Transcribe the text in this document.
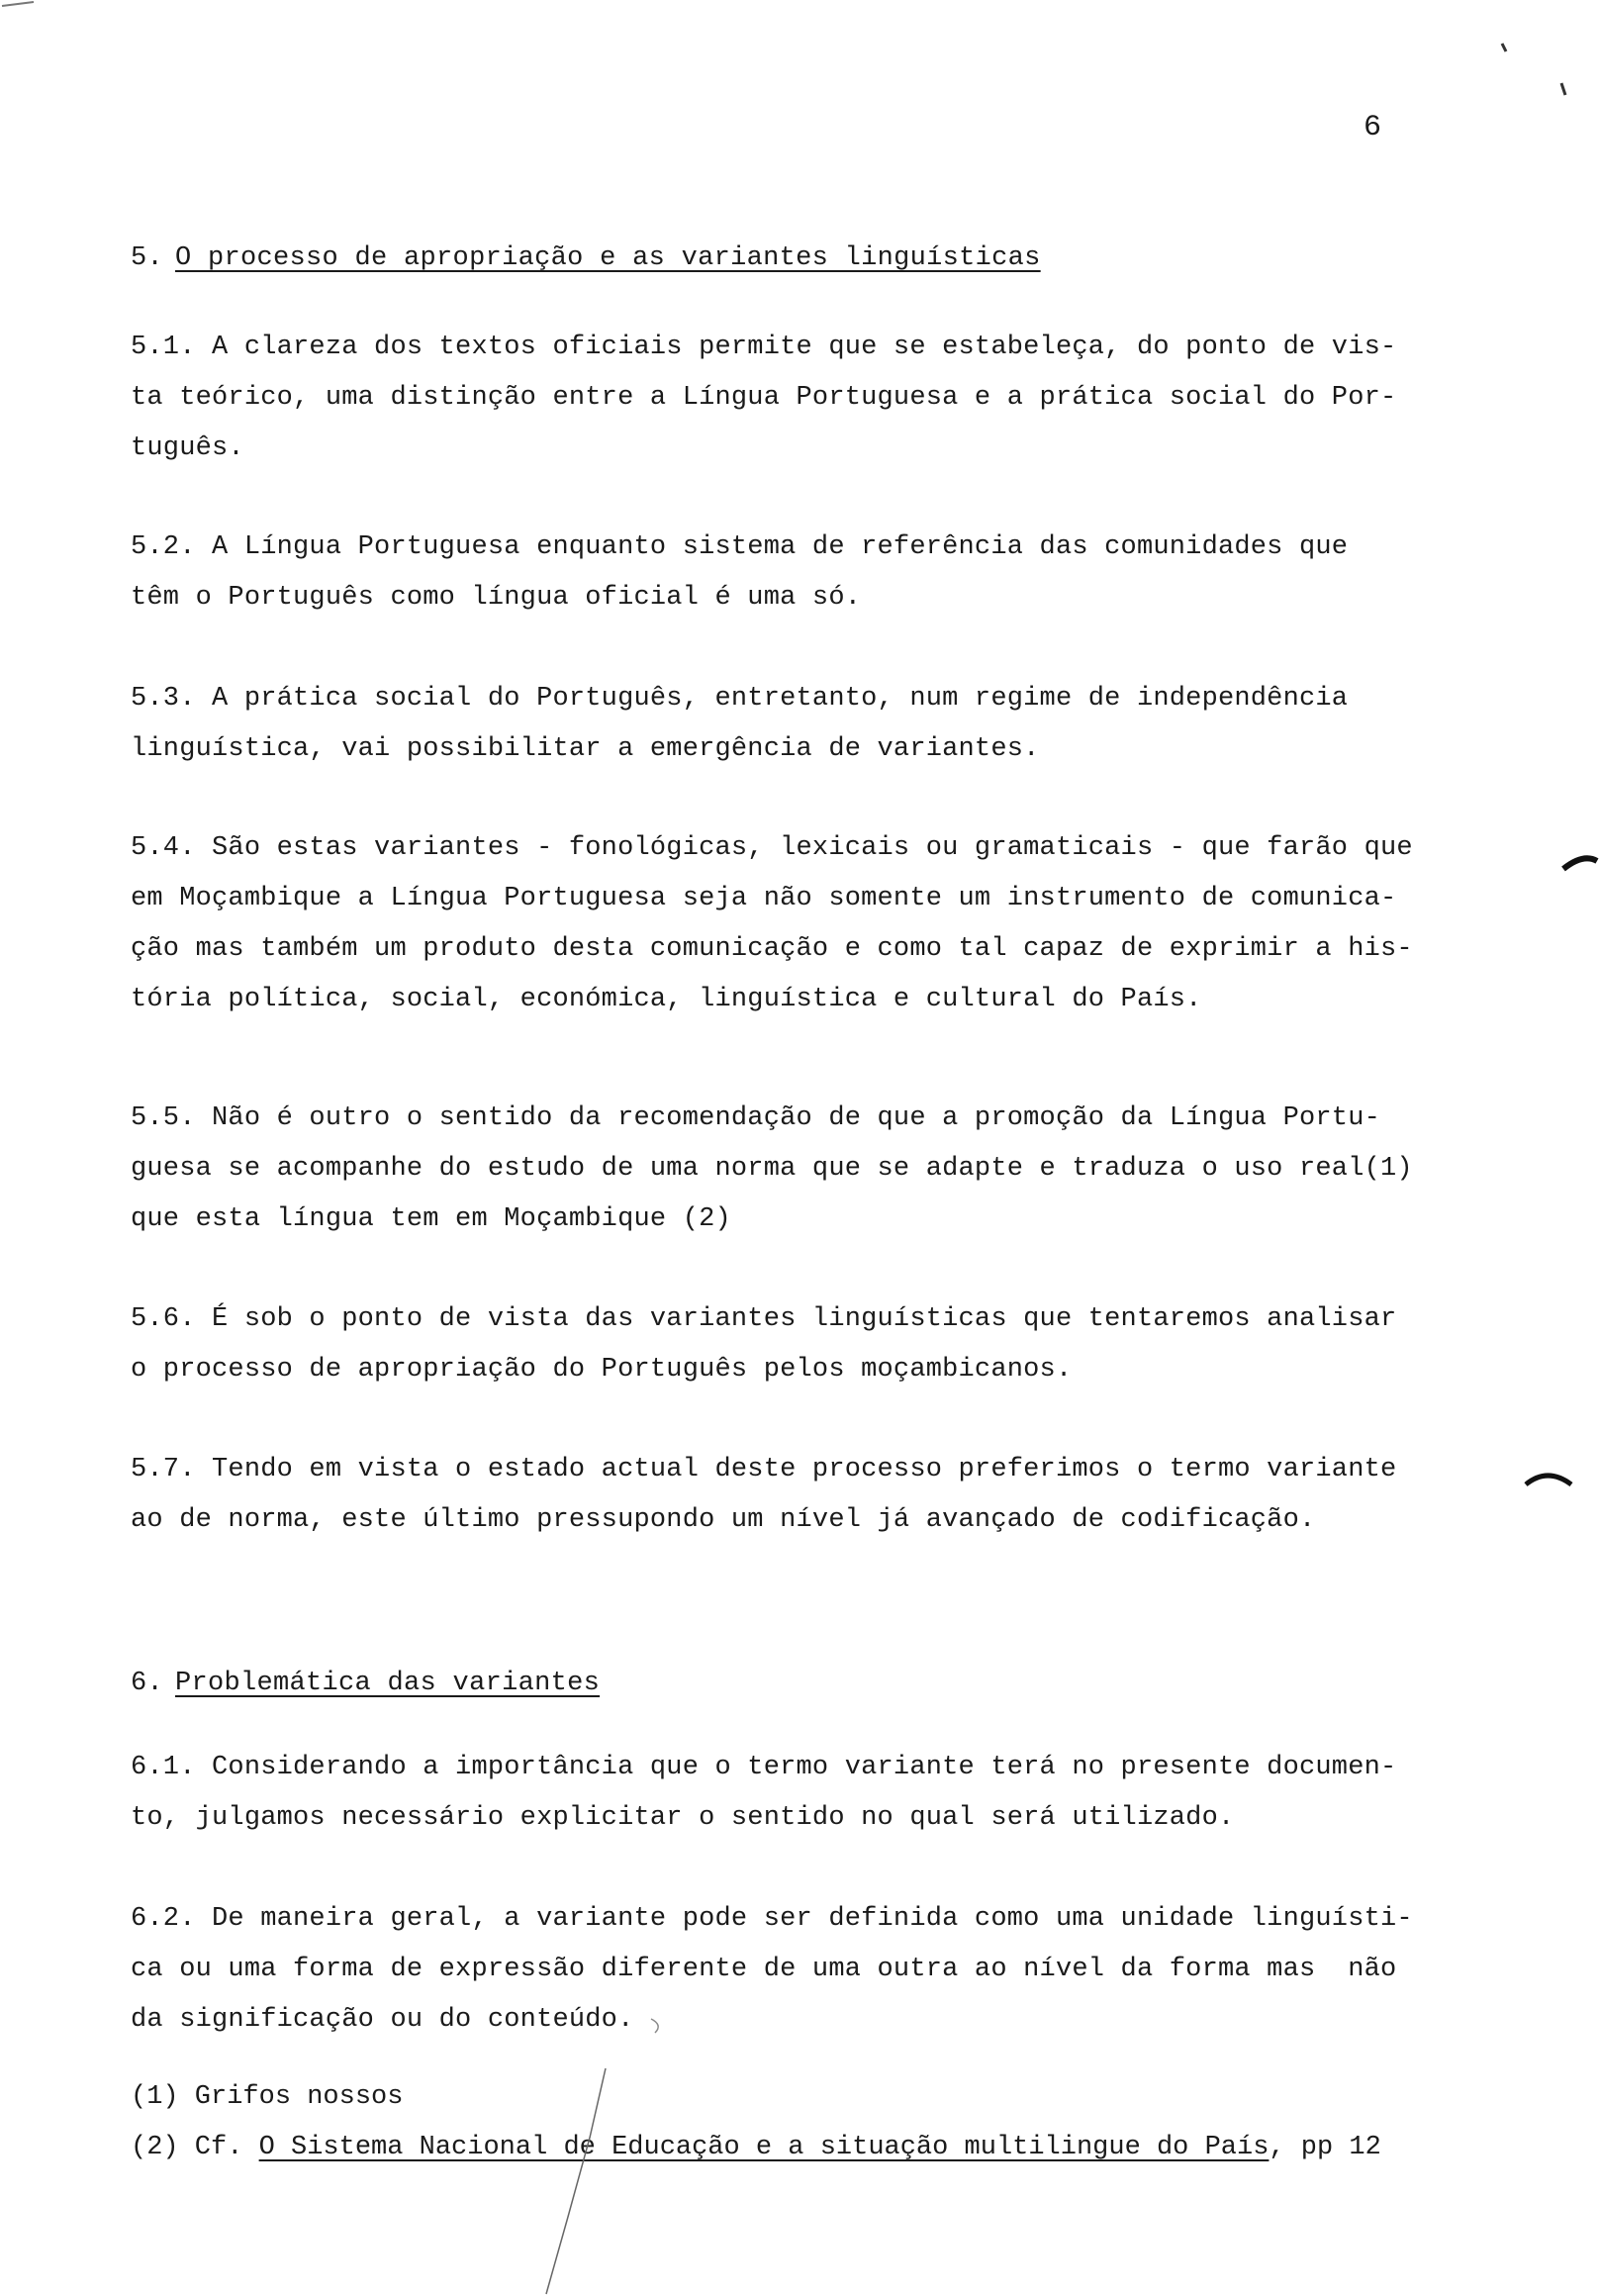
6
5. O processo de apropriação e as variantes linguísticas
5.1. A clareza dos textos oficiais permite que se estabeleça, do ponto de vis-
ta teórico, uma distinção entre a Língua Portuguesa e a prática social do Por-
tuguês.
5.2. A Língua Portuguesa enquanto sistema de referência das comunidades que
têm o Português como língua oficial é uma só.
5.3. A prática social do Português, entretanto, num regime de independência
linguística, vai possibilitar a emergência de variantes.
5.4. São estas variantes - fonológicas, lexicais ou gramaticais - que farão que
em Moçambique a Língua Portuguesa seja não somente um instrumento de comunica-
ção mas também um produto desta comunicação e como tal capaz de exprimir a his-
tória política, social, económica, linguística e cultural do País.
5.5. Não é outro o sentido da recomendação de que a promoção da Língua Portu-
guesa se acompanhe do estudo de uma norma que se adapte e traduza o uso real(1)
que esta língua tem em Moçambique (2)
5.6. É sob o ponto de vista das variantes linguísticas que tentaremos analisar
o processo de apropriação do Português pelos moçambicanos.
5.7. Tendo em vista o estado actual deste processo preferimos o termo variante
ao de norma, este último pressupondo um nível já avançado de codificação.
6. Problemática das variantes
6.1. Considerando a importância que o termo variante terá no presente documen-
to, julgamos necessário explicitar o sentido no qual será utilizado.
6.2. De maneira geral, a variante pode ser definida como uma unidade linguísti-
ca ou uma forma de expressão diferente de uma outra ao nível da forma mas  não
da significação ou do conteúdo.
(1) Grifos nossos
(2) Cf. O Sistema Nacional de Educação e a situação multilingue do País, pp 12
